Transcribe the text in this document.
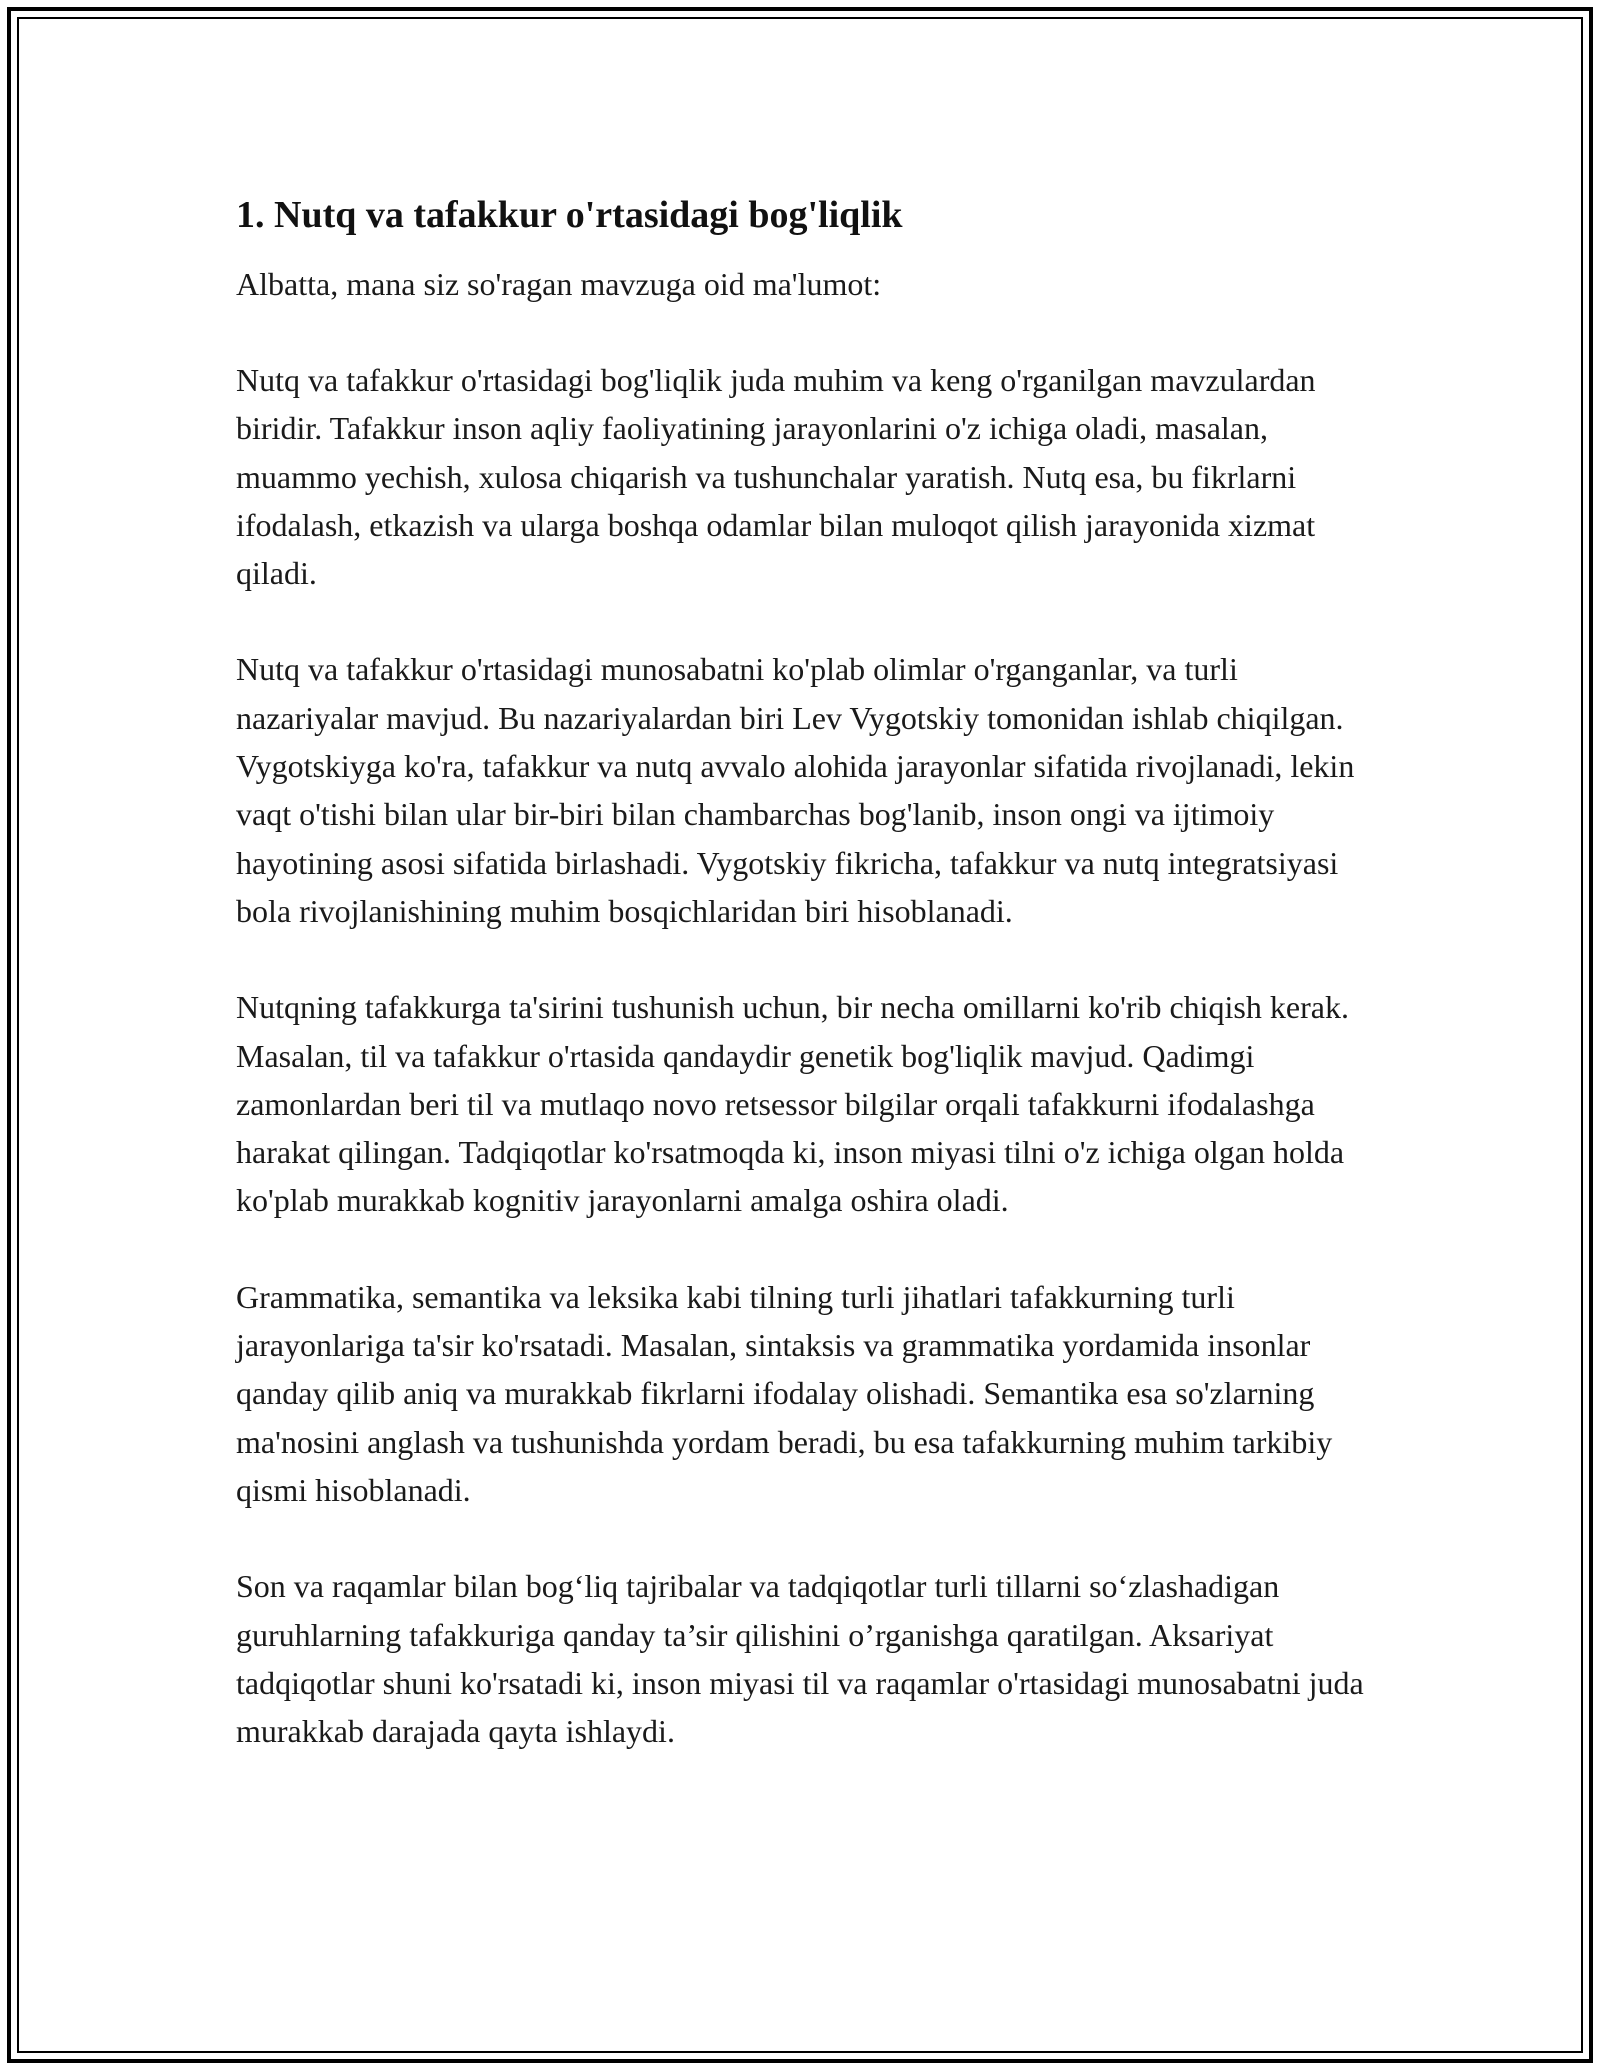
1. Nutq va tafakkur o'rtasidagi bog'liqlik

Albatta, mana siz so'ragan mavzuga oid ma'lumot:

Nutq va tafakkur o'rtasidagi bog'liqlik juda muhim va keng o'rganilgan mavzulardan biridir. Tafakkur inson aqliy faoliyatining jarayonlarini o'z ichiga oladi, masalan, muammo yechish, xulosa chiqarish va tushunchalar yaratish. Nutq esa, bu fikrlarni ifodalash, etkazish va ularga boshqa odamlar bilan muloqot qilish jarayonida xizmat qiladi.

Nutq va tafakkur o'rtasidagi munosabatni ko'plab olimlar o'rganganlar, va turli nazariyalar mavjud. Bu nazariyalardan biri Lev Vygotskiy tomonidan ishlab chiqilgan. Vygotskiyga ko'ra, tafakkur va nutq avvalo alohida jarayonlar sifatida rivojlanadi, lekin vaqt o'tishi bilan ular bir-biri bilan chambarchas bog'lanib, inson ongi va ijtimoiy hayotining asosi sifatida birlashadi. Vygotskiy fikricha, tafakkur va nutq integratsiyasi bola rivojlanishining muhim bosqichlaridan biri hisoblanadi.

Nutqning tafakkurga ta'sirini tushunish uchun, bir necha omillarni ko'rib chiqish kerak. Masalan, til va tafakkur o'rtasida qandaydir genetik bog'liqlik mavjud. Qadimgi zamonlardan beri til va mutlaqo novo retsessor bilgilar orqali tafakkurni ifodalashga harakat qilingan. Tadqiqotlar ko'rsatmoqda ki, inson miyasi tilni o'z ichiga olgan holda ko'plab murakkab kognitiv jarayonlarni amalga oshira oladi.

Grammatika, semantika va leksika kabi tilning turli jihatlari tafakkurning turli jarayonlariga ta'sir ko'rsatadi. Masalan, sintaksis va grammatika yordamida insonlar qanday qilib aniq va murakkab fikrlarni ifodalay olishadi. Semantika esa so'zlarning ma'nosini anglash va tushunishda yordam beradi, bu esa tafakkurning muhim tarkibiy qismi hisoblanadi.

Son va raqamlar bilan bog‘liq tajribalar va tadqiqotlar turli tillarni so‘zlashadigan guruhlarning tafakkuriga qanday ta’sir qilishini o’rganishga qaratilgan. Aksariyat tadqiqotlar shuni ko'rsatadi ki, inson miyasi til va raqamlar o'rtasidagi munosabatni juda murakkab darajada qayta ishlaydi.
